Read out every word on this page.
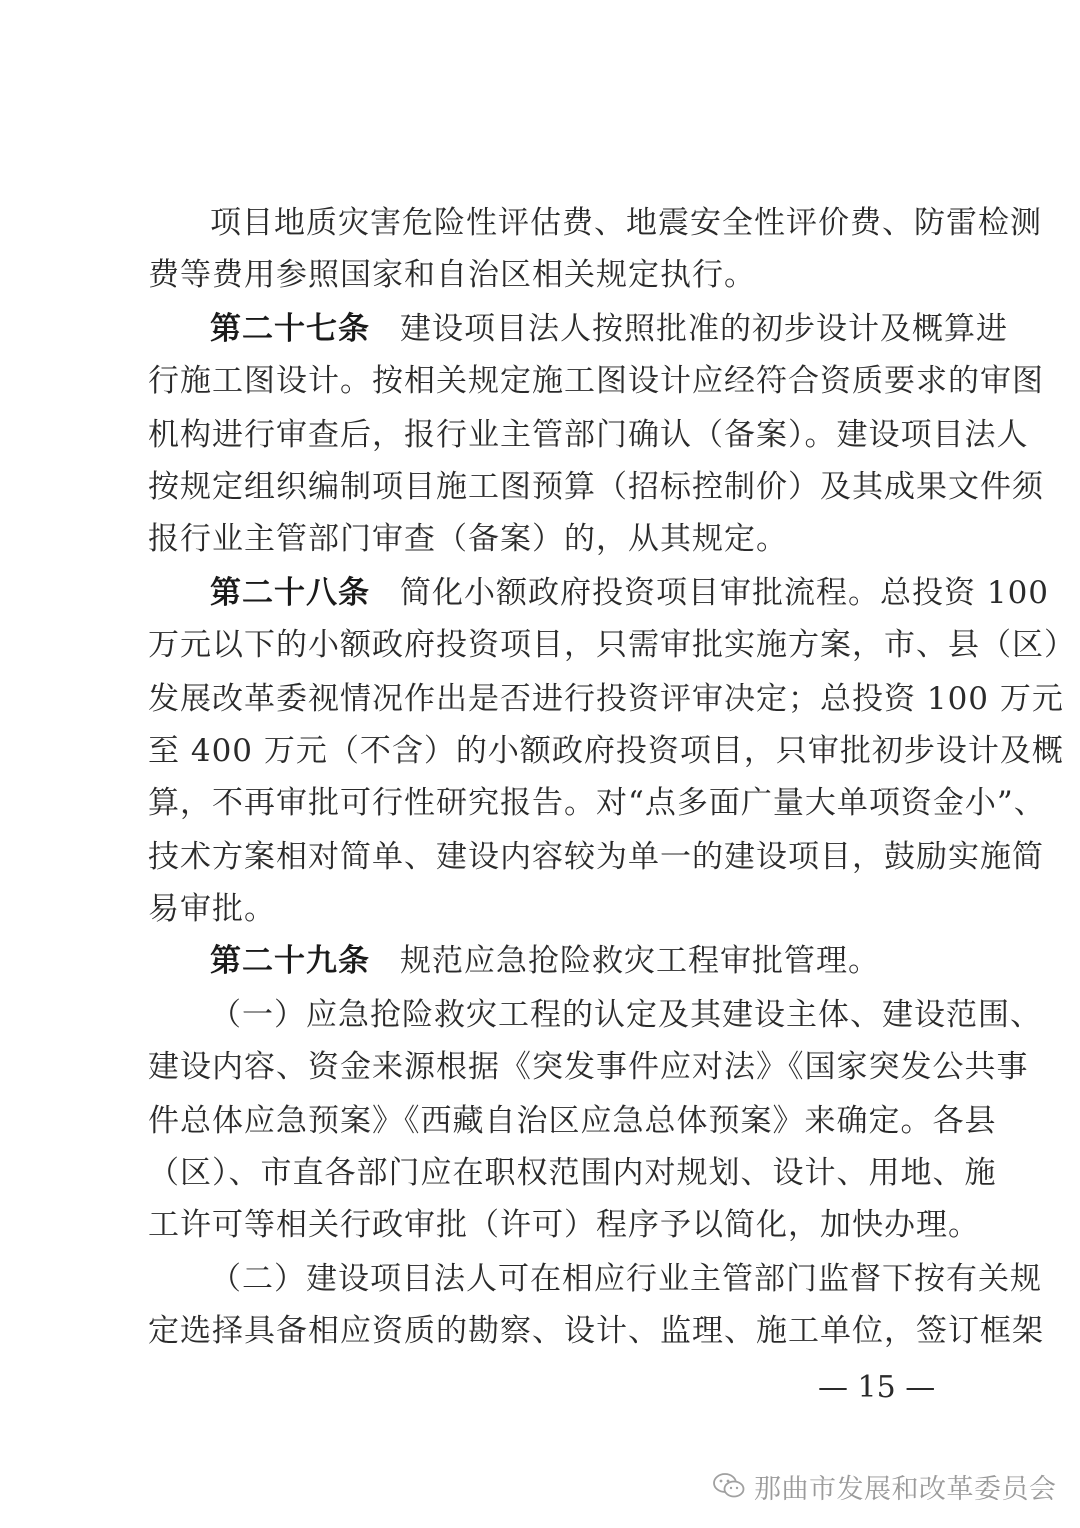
项目地质灾害危险性评估费、地震安全性评价费、防雷检测
费等费用参照国家和自治区相关规定执行。
第二十七条 建设项目法人按照批准的初步设计及概算进
行施工图设计。按相关规定施工图设计应经符合资质要求的审图
机构进行审查后，报行业主管部门确认（备案）。建设项目法人
按规定组织编制项目施工图预算（招标控制价）及其成果文件须
报行业主管部门审查（备案）的，从其规定。
第二十八条 简化小额政府投资项目审批流程。总投资 100
万元以下的小额政府投资项目，只需审批实施方案，市、县（区）
发展改革委视情况作出是否进行投资评审决定；总投资 100 万元
至 400 万元（不含）的小额政府投资项目，只审批初步设计及概
算，不再审批可行性研究报告。对“点多面广量大单项资金小”、
技术方案相对简单、建设内容较为单一的建设项目，鼓励实施简
易审批。
第二十九条 规范应急抢险救灾工程审批管理。
（一）应急抢险救灾工程的认定及其建设主体、建设范围、
建设内容、资金来源根据《突发事件应对法》《国家突发公共事
件总体应急预案》《西藏自治区应急总体预案》来确定。各县
（区）、市直各部门应在职权范围内对规划、设计、用地、施
工许可等相关行政审批（许可）程序予以简化，加快办理。
（二）建设项目法人可在相应行业主管部门监督下按有关规
定选择具备相应资质的勘察、设计、监理、施工单位，签订框架
— 15 —
那曲市发展和改革委员会
